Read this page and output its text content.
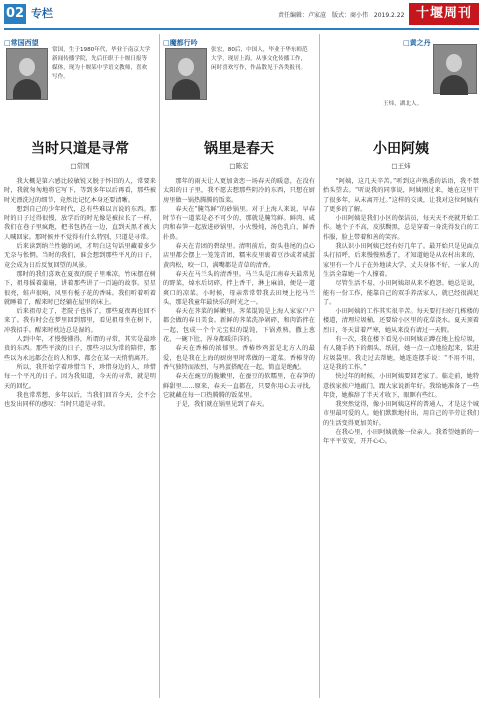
02 专栏	责任编辑：卢家渲 版式：商小伟 2019.2.22 十堰周刊
□常国西望
常国，生于1980年代，毕业于南京大学新闻传播学院，先后任职于十堰日报等媒体，现为十堰某中学语文教师，喜欢写作。
当时只道是寻常
□常国

我大概是第六感比较敏锐又脱于怀旧的人，常要来时，我就匆匆地将它写下，等到多年以后再看，那些被时光漂洗过的细节，竟然比记忆本身还要清晰。

想到自己的少年时代，总有些难以言说的东西。那时的日子过得很慢，放学后的时光像是被拉长了一样，我们在巷子里疯跑，把书包扔在一边，直到天黑才被大人喊回家。那时候并不觉得有什么特别，只道是寻常。

后来读到纳兰性德的词，才明白这句话里藏着多少无奈与怅惘。当时的我们，谁会想到那些平凡的日子，竟会成为日后反复回望的风景。

那时的我们喜欢在夏夜的院子里乘凉，竹床摆在树下，祖母摇着蒲扇，讲着那些讲了一百遍的故事。星星很亮，蛙声很响，风里有栀子花的香味。我们听着听着就睡着了，醒来时已经躺在屋里的床上。

后来祖母走了，老院子也拆了，那些夏夜再也回不来了。我有时会在梦里回到那里，看见祖母坐在树下，冲我招手。醒来时枕边总是湿的。

人到中年，才慢慢懂得，所谓的寻常，其实是最珍贵的东西。那些平淡的日子，那些习以为常的陪伴，那些以为永远都会在的人和事，都会在某一天悄悄离开。

所以，我开始学着珍惜当下，珍惜身边的人，珍惜每一个平凡的日子。因为我知道，今天的寻常，就是明天的回忆。

我也常常想，多年以后，当我们回首今天，会不会也发出同样的感叹：当时只道是寻常。

□魔都行吟
张宏，80后，中国人，毕业于华东师范大学，现居上海，从事文化传播工作，闲时喜欢写作，作品散见于各类报刊。
锅里是春天
□陈宏

那年的雨天让人更加贪恋一场春天的暖意，在没有太阳的日子里，我不愿去想那些阴冷的东西，只想在厨房里做一锅热腾腾的饭菜。

春天在“腌笃鲜”的砂锅里。对于上海人来说，早春时节有一道菜是必不可少的，那就是腌笃鲜。鲜肉、咸肉和春笋一起放进砂锅里，小火慢炖，汤色乳白，鲜香扑鼻。

春天在青团的碧绿里。清明前后，街头巷尾的点心店里都会摆上一笼笼青团，糯米皮里裹着豆沙或者咸蛋黄肉松，咬一口，满嘴都是青草的清香。

春天在马兰头的清香里。马兰头是江南春天最常见的野菜，焯水后切碎，拌上香干，淋上麻油，便是一道爽口的凉菜。小时候，母亲常常带我去田埂上挖马兰头，那是我童年最快乐的时光之一。

春天在荠菜的鲜嫩里。荠菜馄饨是上海人家家户户都会做的春日美食。新鲜的荠菜洗净剁碎，和肉馅拌在一起，包成一个个元宝似的馄饨，下锅煮熟，撒上葱花，一碗下肚，浑身都暖洋洋的。

春天在香椿的浓郁里。香椿炒鸡蛋是北方人的最爱，也是我在上海的厨房里时常做的一道菜。香椿芽的香气独特而浓烈，与鸡蛋搭配在一起，简直是绝配。

春天在豌豆的脆嫩里，在蚕豆的软糯里，在春笋的鲜甜里……原来，春天一直都在，只要你用心去寻找，它就藏在每一口热腾腾的饭菜里。

于是，我们就在锅里见到了春天。

□黄之丹
王炜，湖北人。
小田阿姨
□王炜

“阿姨，这几天辛苦。”听到这声熟悉的话语，我不禁抬头望去。“听说我的同事说，阿姨刚过来，她在这里干了很多年，从未离开过。”这样的交谈，让我对这位阿姨有了更多的了解。

小田阿姨是我们小区的保洁员，每天天不亮就开始工作。她个子不高，皮肤黝黑，总是穿着一身洗得发白的工作服，脸上带着和善的笑容。

我认识小田阿姨已经有好几年了。最开始只是见面点头打招呼，后来慢慢熟悉了，才知道她是从农村出来的，家里有一个儿子在外地读大学，丈夫身体不好，一家人的生活全靠她一个人撑着。

尽管生活不易，小田阿姨却从来不抱怨。她总是说，能有一份工作，能靠自己的双手养活家人，就已经很满足了。

小田阿姨的工作其实很辛苦。每天要打扫好几栋楼的楼道，清理垃圾桶，还要给小区里的花草浇水。夏天顶着烈日，冬天冒着严寒，她从来没有请过一天假。

有一次，我在楼下看见小田阿姨正蹲在地上捡垃圾，有人随手扔下的烟头、纸屑，她一点一点地捡起来，装进垃圾袋里。我走过去帮她，她连连摆手说：“不用不用，这是我的工作。”

快过年的时候，小田阿姨要回老家了。临走前，她特意挨家挨户地敲门，跟大家说新年好。我给她准备了一些年货，她推辞了半天才收下，眼眶有些红。

我突然觉得，像小田阿姨这样的普通人，才是这个城市里最可爱的人。她们默默地付出，用自己的辛劳让我们的生活变得更加美好。

在我心里，小田阿姨就像一位亲人。我希望她新的一年平平安安，开开心心。
